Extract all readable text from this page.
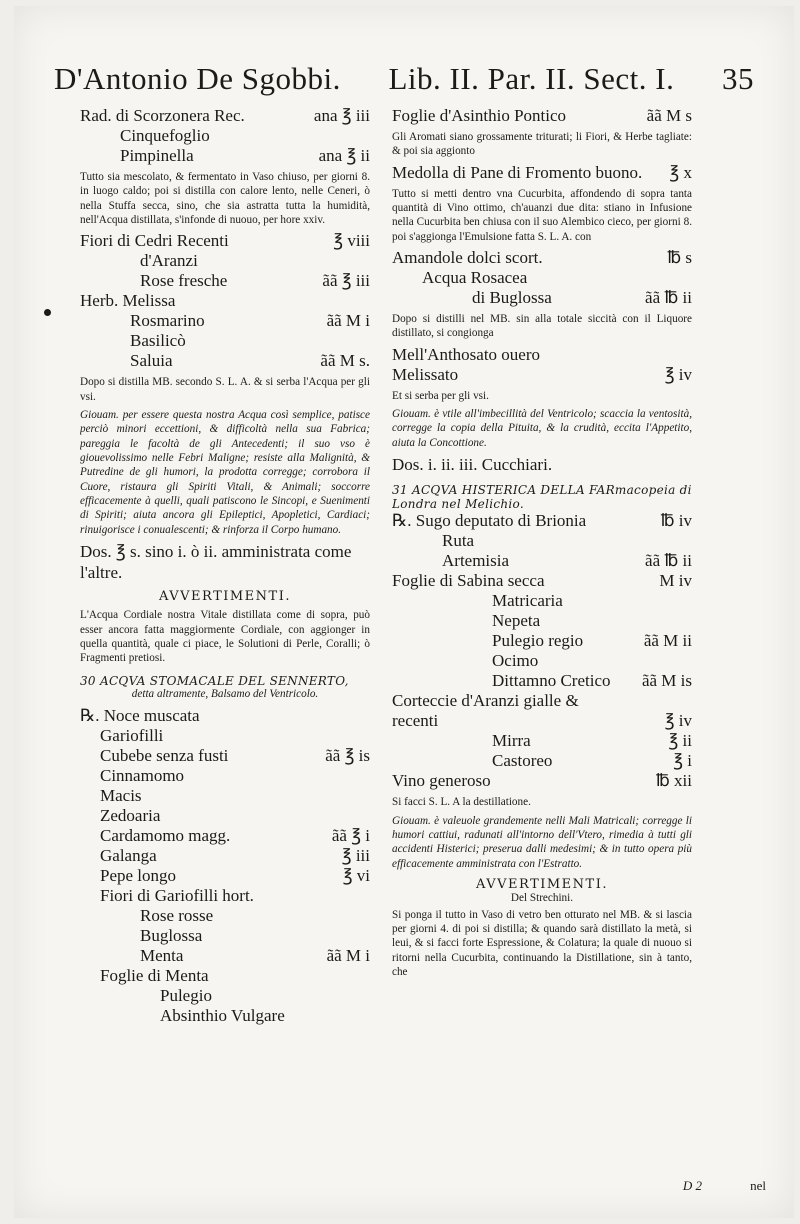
D'Antonio De Sgobbi. Lib. II. Par. II. Sect. I. 35
Rad. di Scorzonera Rec.	ana ℥ iii
Cinquefoglio
Pimpinella	ana ℥ ii
Tutto sia mescolato, & fermentato in Vaso chiuso, per giorni 8. in luogo caldo; poi si distilla con calore lento, nelle Ceneri, ò nella Stuffa secca, sino, che sia astratta tutta la humidità, nell'Acqua distillata, s'infonde di nuouo, per hore xxiv.
Fiori di Cedri Recenti	℥ viii
d'Aranzi
Rose fresche	ãã ℥ iii
Herb. Melissa
Rosmarino	ãã M i
Basilicò
Saluia	ãã M s.
Dopo si distilla MB. secondo S. L. A. & si serba l'Acqua per gli vsi.
Giouam. per essere questa nostra Acqua così semplice, patisce perciò minori eccettioni, & difficoltà nella sua Fabrica; pareggia le facoltà de gli Antecedenti; il suo vso è giouevolissimo nelle Febri Maligne; resiste alla Malignità, & Putredine de gli humori, la prodotta corregge; corrobora il Cuore, ristaura gli Spiriti Vitali, & Animali; soccorre efficacemente à quelli, quali patiscono le Sincopi, e Suenimenti di Spiriti; aiuta ancora gli Epileptici, Apopletici, Cardiaci; rinuigorisce i conualescenti; & rinforza il Corpo humano.
Dos. ℥ s. sino i. ò ii. amministrata come l'altre.
AVVERTIMENTI.
L'Acqua Cordiale nostra Vitale distillata come di sopra, può esser ancora fatta maggiormente Cordiale, con aggionger in quella quantità, quale ci piace, le Solutioni di Perle, Coralli; ò Fragmenti pretiosi.
30 ACQVA STOMACALE DEL SENNERTO,
detta altramente, Balsamo del Ventricolo.
℞. Noce muscata
Gariofilli
Cubebe senza fusti	ãã ℥ is
Cinnamomo
Macis
Zedoaria
Cardamomo magg.	ãã ℥ i
Galanga	℥ iii
Pepe longo	℥ vi
Fiori di Gariofilli hort.
Rose rosse
Buglossa
Menta	ãã M i
Foglie di Menta
Pulegio
Absinthio Vulgare
Foglie d'Asinthio Pontico	ãã M s
Gli Aromati siano grossamente triturati; li Fiori, & Herbe tagliate: & poi sia aggionto
Medolla di Pane di Fromento buono.	℥ x
Tutto si metti dentro vna Cucurbita, affondendo di sopra tanta quantità di Vino ottimo, ch'auanzi due dita: stiano in Infusione nella Cucurbita ben chiusa con il suo Alembico cieco, per giorni 8. poi s'aggionga l'Emulsione fatta S. L. A. con
Amandole dolci scort.	℔ s
Acqua Rosacea
di Buglossa	ãã ℔ ii
Dopo si distilli nel MB. sin alla totale siccità con il Liquore distillato, si congionga
Mell'Anthosato ouero Melissato	℥ iv
Et si serba per gli vsi.
Giouam. è vtile all'imbecillità del Ventricolo; scaccia la ventosità, corregge la copia della Pituita, & la crudità, eccita l'Appetito, aiuta la Concottione.
Dos. i. ii. iii. Cucchiari.
31 ACQVA HISTERICA DELLA FARmacopeia di Londra nel Melichio.
℞. Sugo deputato di Brionia	℔ iv
Ruta
Artemisia	ãã ℔ ii
Foglie di Sabina secca	M iv
Matricaria
Nepeta
Pulegio regio	ãã M ii
Ocimo
Dittamno Cretico	ãã M is
Corteccie d'Aranzi gialle & recenti	℥ iv
Mirra	℥ ii
Castoreo	℥ i
Vino generoso	℔ xii
Si facci S. L. A la destillatione.
Giouam. è valeuole grandemente nelli Mali Matricali; corregge li humori cattiui, radunati all'intorno dell'Vtero, rimedia à tutti gli accidenti Histerici; preserua dalli medesimi; & in tutto opera più efficacemente amministrata con l'Estratto.
AVVERTIMENTI.
Del Strechini.
Si ponga il tutto in Vaso di vetro ben otturato nel MB. & si lascia per giorni 4. di poi si distilla; & quando sarà distillato la metà, si leui, & si facci forte Espressione, & Colatura; la quale di nuouo si ritorni nella Cucurbita, continuando la Distillatione, sin à tanto, che
D 2	nel
